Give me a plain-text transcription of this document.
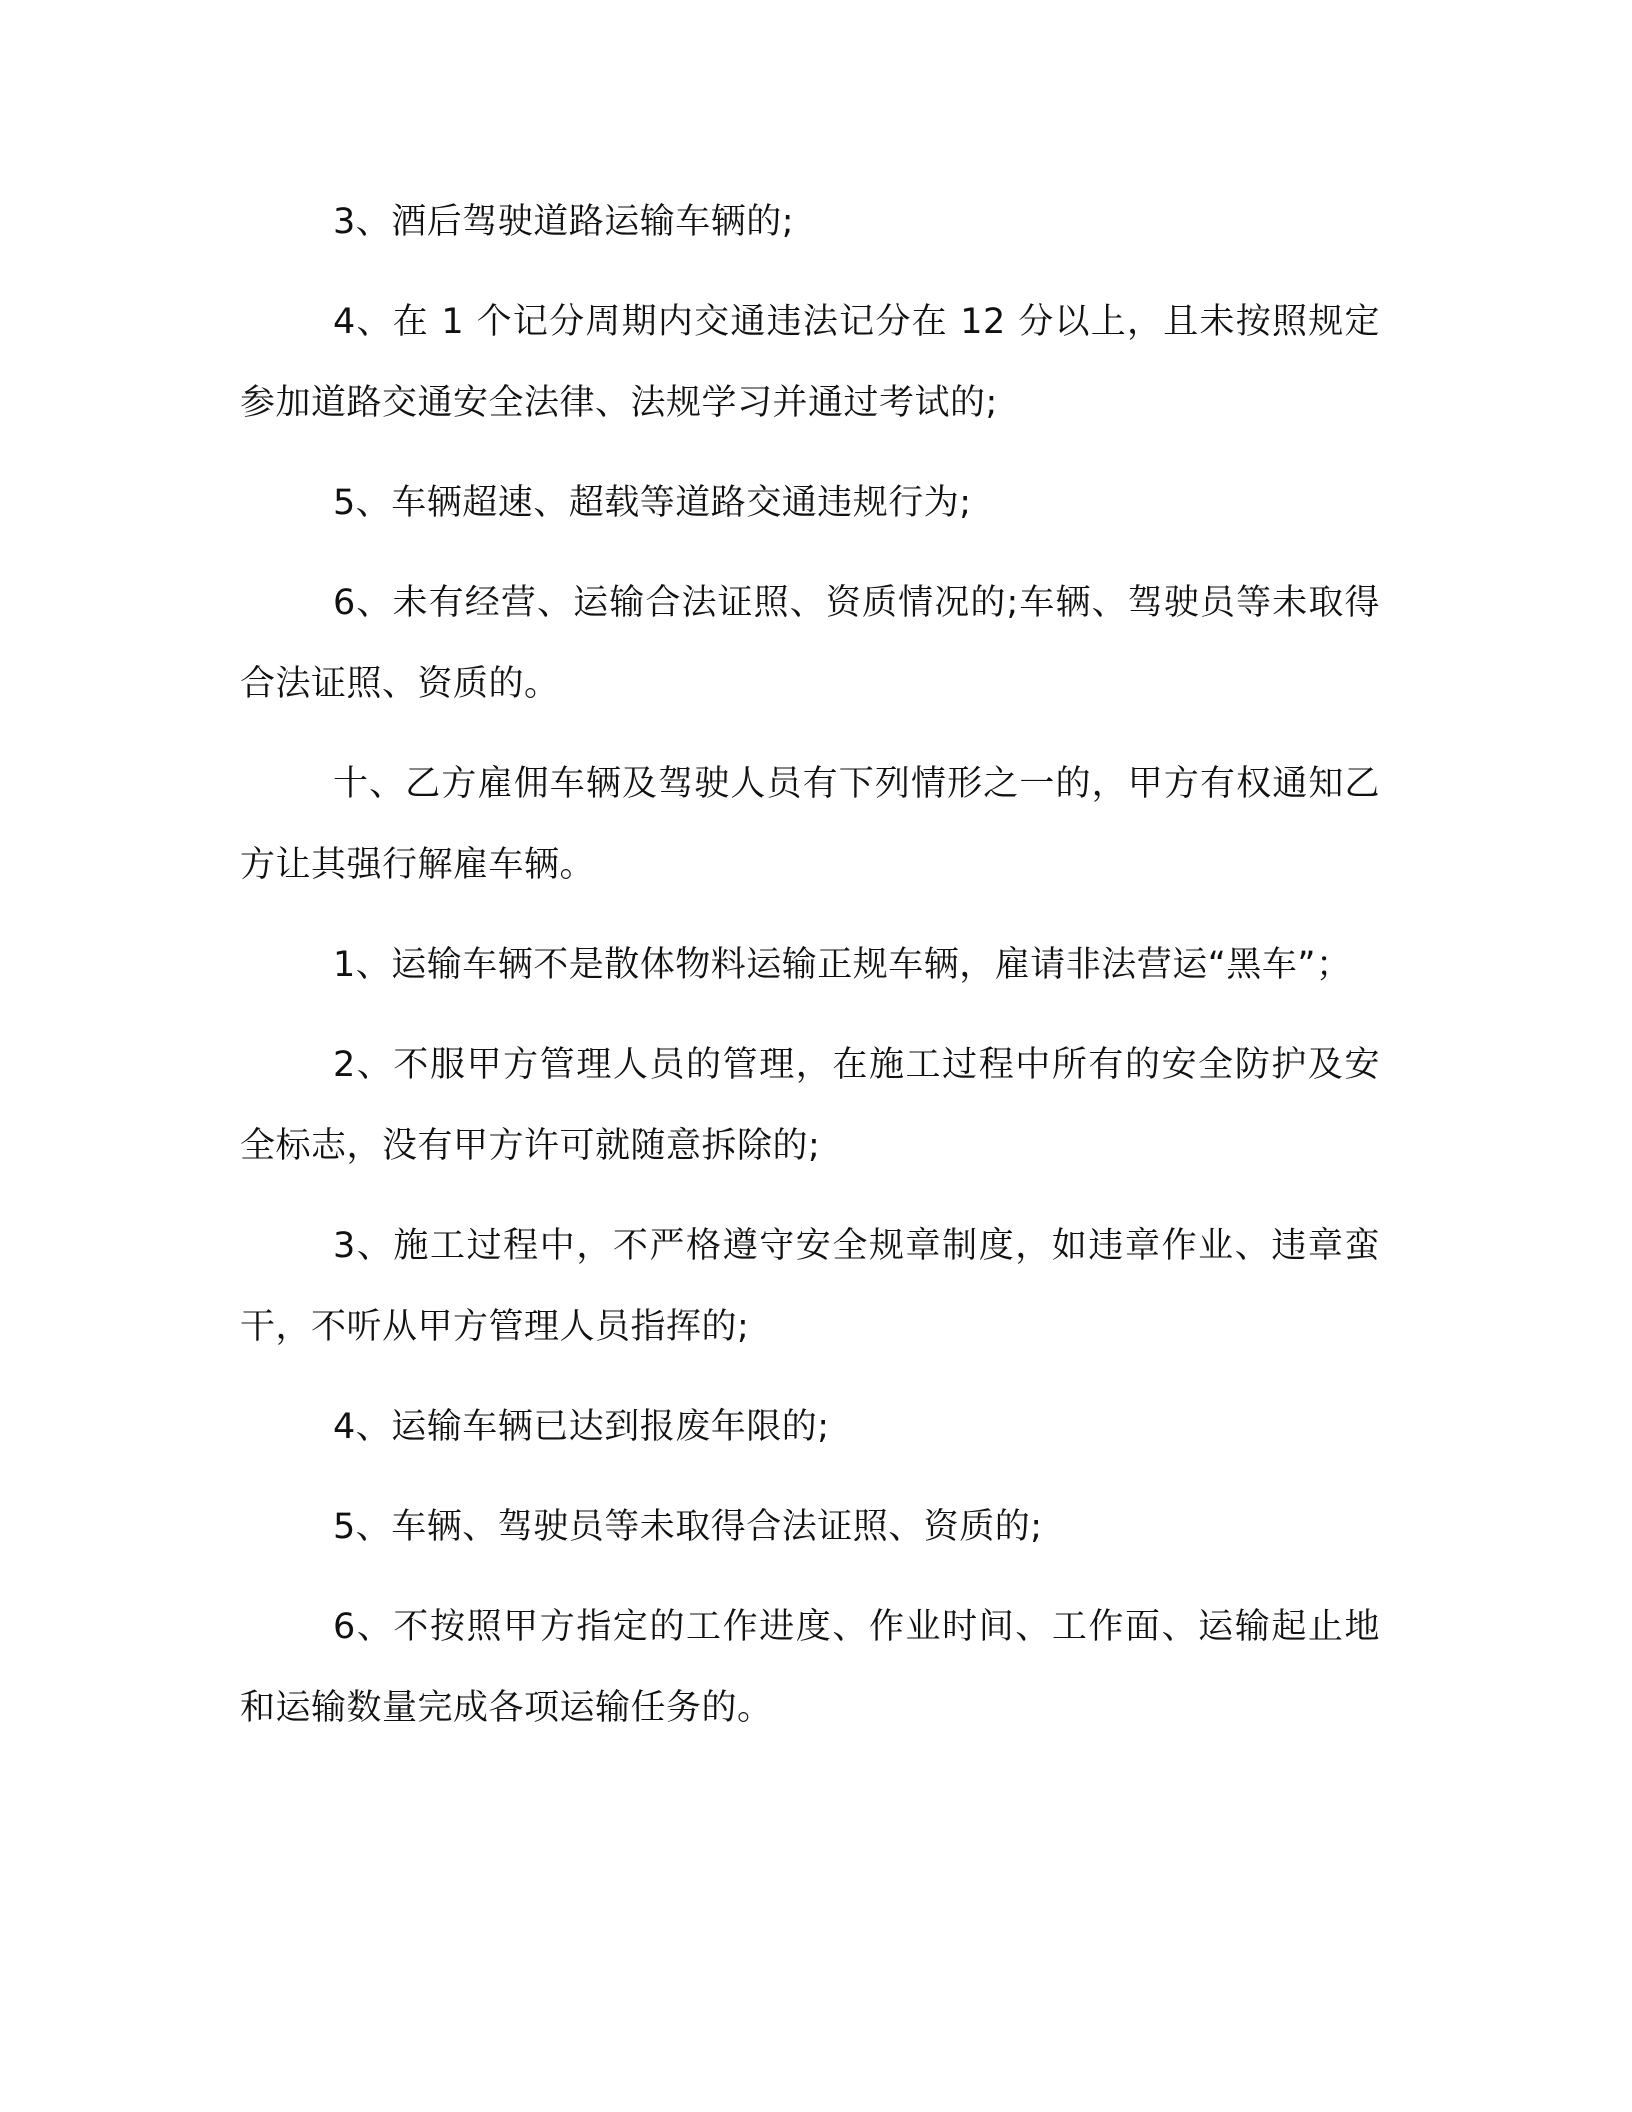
3、酒后驾驶道路运输车辆的;

4、在 1 个记分周期内交通违法记分在 12 分以上，且未按照规定参加道路交通安全法律、法规学习并通过考试的;

5、车辆超速、超载等道路交通违规行为;

6、未有经营、运输合法证照、资质情况的;车辆、驾驶员等未取得合法证照、资质的。

十、乙方雇佣车辆及驾驶人员有下列情形之一的，甲方有权通知乙方让其强行解雇车辆。

1、运输车辆不是散体物料运输正规车辆，雇请非法营运“黑车”；

2、不服甲方管理人员的管理，在施工过程中所有的安全防护及安全标志，没有甲方许可就随意拆除的;

3、施工过程中，不严格遵守安全规章制度，如违章作业、违章蛮干，不听从甲方管理人员指挥的;

4、运输车辆已达到报废年限的;

5、车辆、驾驶员等未取得合法证照、资质的;

6、不按照甲方指定的工作进度、作业时间、工作面、运输起止地和运输数量完成各项运输任务的。
